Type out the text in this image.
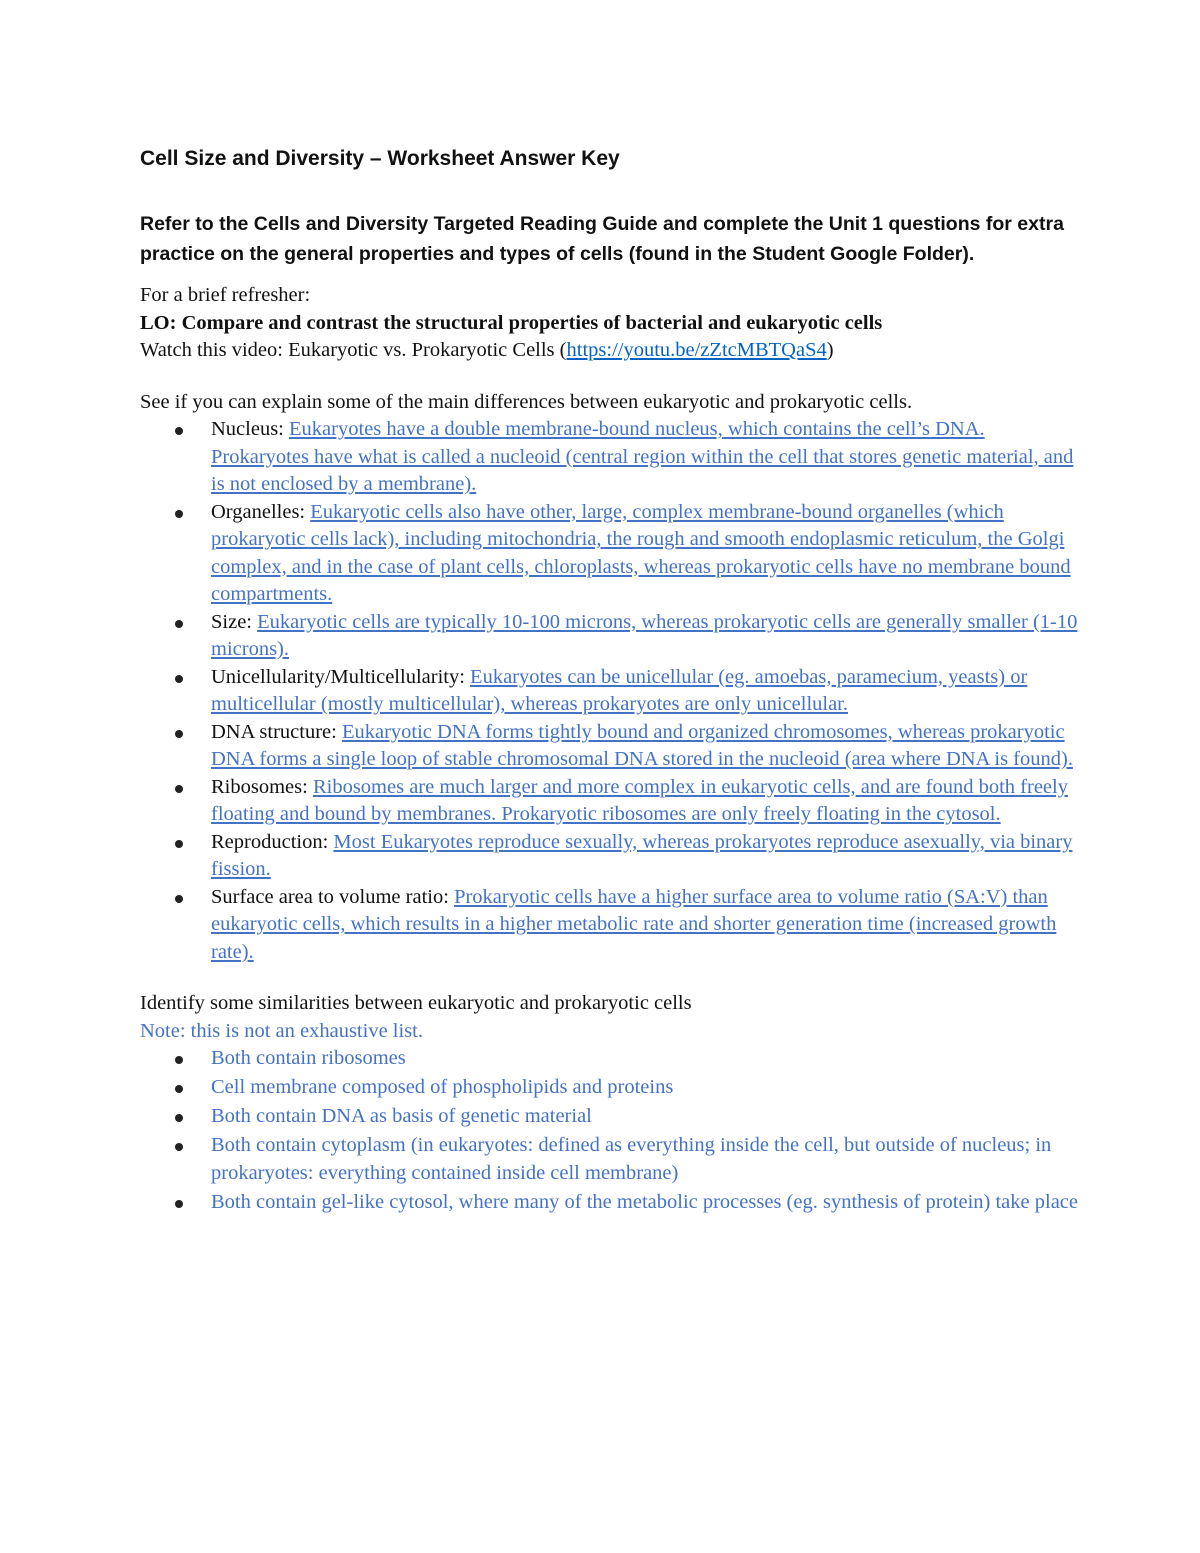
Cell Size and Diversity – Worksheet Answer Key

Refer to the Cells and Diversity Targeted Reading Guide and complete the Unit 1 questions for extra practice on the general properties and types of cells (found in the Student Google Folder).

For a brief refresher:

LO: Compare and contrast the structural properties of bacterial and eukaryotic cells

Watch this video: Eukaryotic vs. Prokaryotic Cells (https://youtu.be/zZtcMBTQaS4)

See if you can explain some of the main differences between eukaryotic and prokaryotic cells.

Nucleus: Eukaryotes have a double membrane-bound nucleus, which contains the cell’s DNA. Prokaryotes have what is called a nucleoid (central region within the cell that stores genetic material, and is not enclosed by a membrane).
Organelles: Eukaryotic cells also have other, large, complex membrane-bound organelles (which prokaryotic cells lack), including mitochondria, the rough and smooth endoplasmic reticulum, the Golgi complex, and in the case of plant cells, chloroplasts, whereas prokaryotic cells have no membrane bound compartments.
Size: Eukaryotic cells are typically 10-100 microns, whereas prokaryotic cells are generally smaller (1-10 microns).
Unicellularity/Multicellularity: Eukaryotes can be unicellular (eg. amoebas, paramecium, yeasts) or multicellular (mostly multicellular), whereas prokaryotes are only unicellular.
DNA structure: Eukaryotic DNA forms tightly bound and organized chromosomes, whereas prokaryotic DNA forms a single loop of stable chromosomal DNA stored in the nucleoid (area where DNA is found).
Ribosomes: Ribosomes are much larger and more complex in eukaryotic cells, and are found both freely floating and bound by membranes. Prokaryotic ribosomes are only freely floating in the cytosol.
Reproduction: Most Eukaryotes reproduce sexually, whereas prokaryotes reproduce asexually, via binary fission.
Surface area to volume ratio: Prokaryotic cells have a higher surface area to volume ratio (SA:V) than eukaryotic cells, which results in a higher metabolic rate and shorter generation time (increased growth rate).

Identify some similarities between eukaryotic and prokaryotic cells

Note: this is not an exhaustive list.

Both contain ribosomes
Cell membrane composed of phospholipids and proteins
Both contain DNA as basis of genetic material
Both contain cytoplasm (in eukaryotes: defined as everything inside the cell, but outside of nucleus; in prokaryotes: everything contained inside cell membrane)
Both contain gel-like cytosol, where many of the metabolic processes (eg. synthesis of protein) take place
